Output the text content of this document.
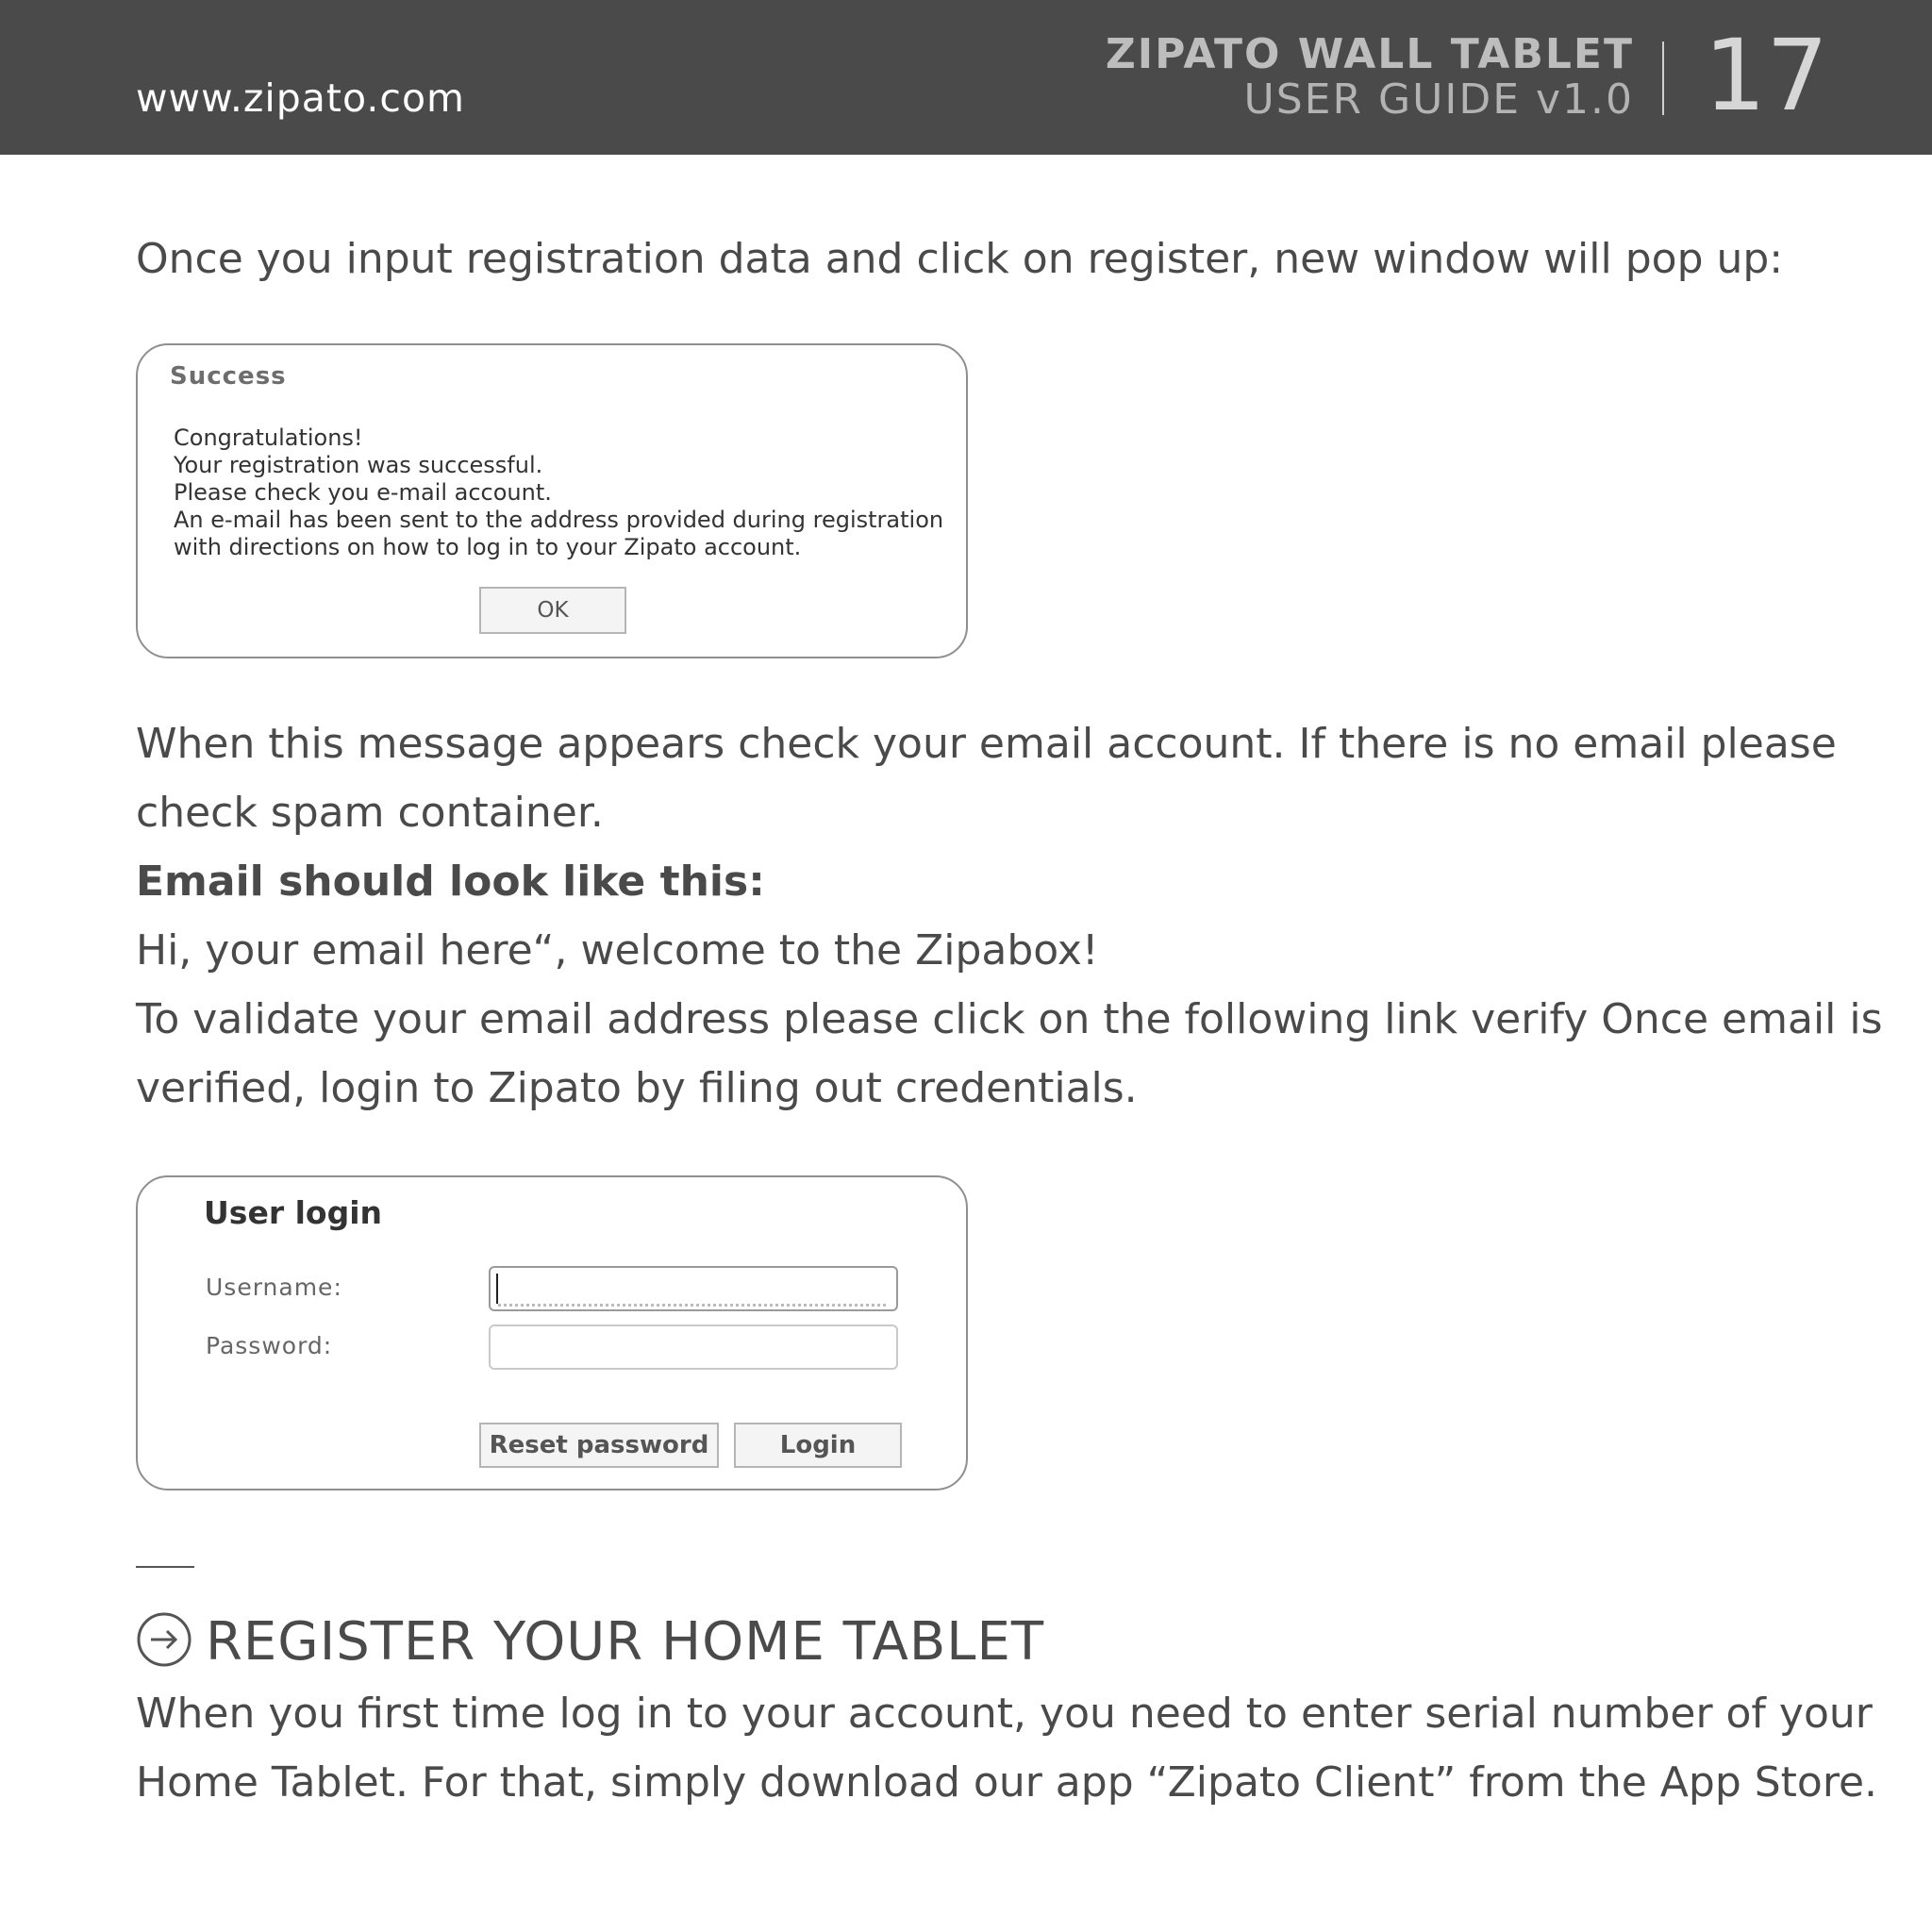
www.zipato.com
ZIPATO WALL TABLET
USER GUIDE v1.0 17
Once you input registration data and click on register, new window will pop up:
Success
Congratulations!
Your registration was successful.
Please check you e-mail account.
An e-mail has been sent to the address provided during registration
with directions on how to log in to your Zipato account.
OK
When this message appears check your email account. If there is no email please
check spam container.
Email should look like this:
Hi, your email here“, welcome to the Zipabox!
To validate your email address please click on the following link verify Once email is
verified, login to Zipato by filing out credentials.
User login
Username:
Password:
Reset password	Login
REGISTER YOUR HOME TABLET
When you first time log in to your account, you need to enter serial number of your
Home Tablet. For that, simply download our app “Zipato Client” from the App Store.
